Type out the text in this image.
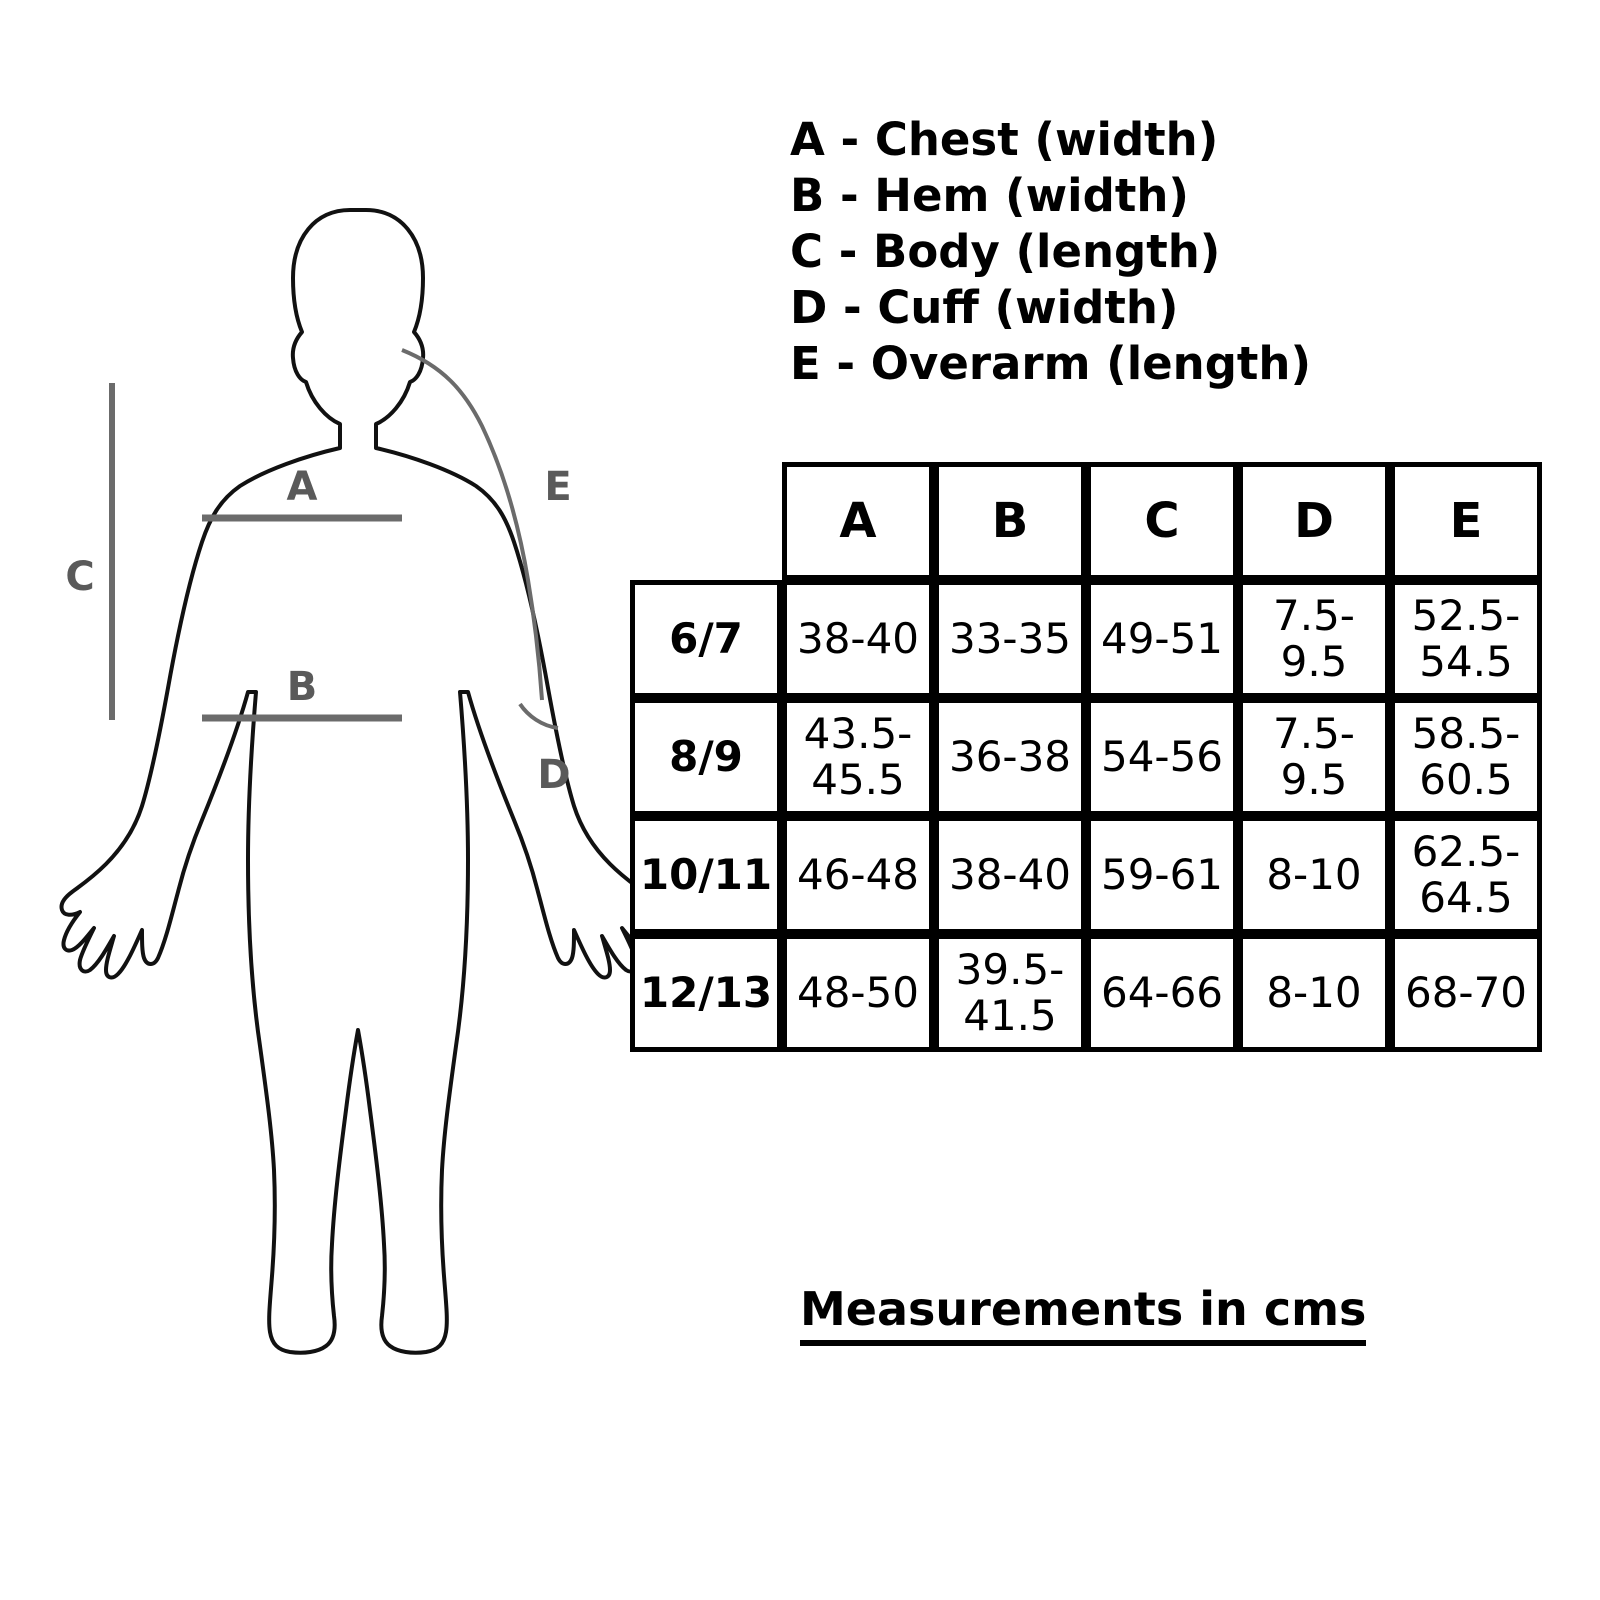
A
B
C
E
D
A - Chest (width)
B - Hem (width)
C - Body (length)
D - Cuff (width)
E - Overarm (length)
	A	B	C	D	E
6/7	38-40	33-35	49-51	7.5-9.5	52.5-54.5
8/9	43.5-45.5	36-38	54-56	7.5-9.5	58.5-60.5
10/11	46-48	38-40	59-61	8-10	62.5-64.5
12/13	48-50	39.5-41.5	64-66	8-10	68-70
Measurements in cms
